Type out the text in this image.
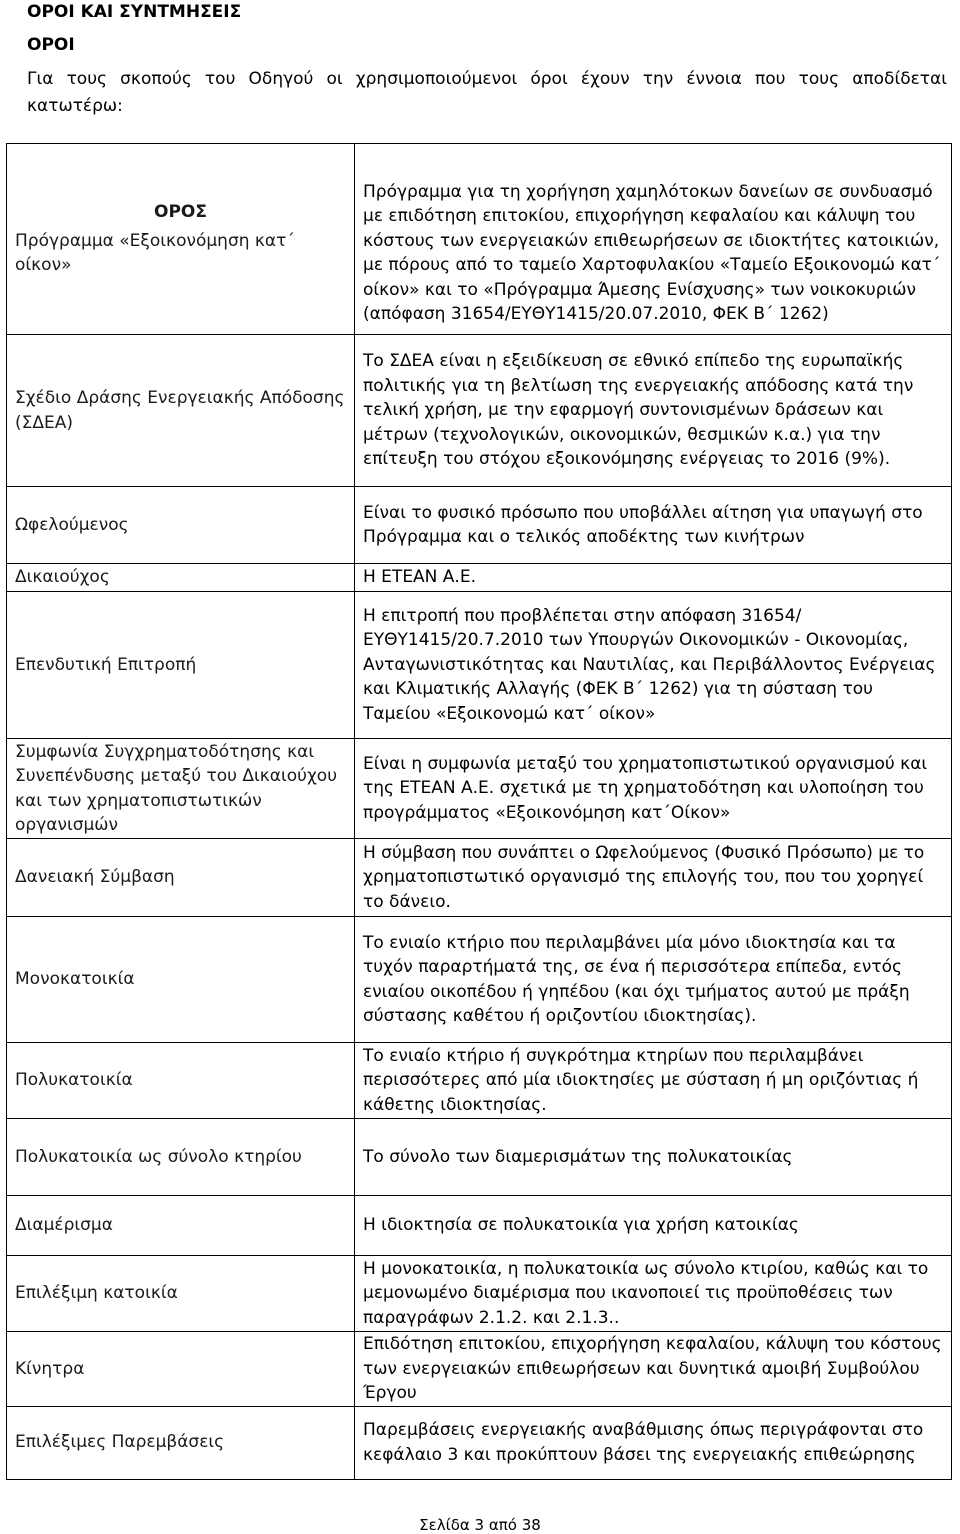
ΟΡΟΙ ΚΑΙ ΣΥΝΤΜΗΣΕΙΣ
ΟΡΟΙ
Για τους σκοπούς του Οδηγού οι χρησιμοποιούμενοι όροι έχουν την έννοια που τους αποδίδεται κατωτέρω:
ΟΡΟΣ
Πρόγραμμα «Εξοικονόμηση κατ΄ οίκον»	Πρόγραμμα για τη χορήγηση χαμηλότοκων δανείων σε συνδυασμό με επιδότηση επιτοκίου, επιχορήγηση κεφαλαίου και κάλυψη του κόστους των ενεργειακών επιθεωρήσεων σε ιδιοκτήτες κατοικιών, με πόρους από το ταμείο Χαρτοφυλακίου «Ταμείο Εξοικονομώ κατ΄ οίκον» και το «Πρόγραμμα Άμεσης Ενίσχυσης» των νοικοκυριών (απόφαση 31654/ΕΥΘΥ1415/20.07.2010, ΦΕΚ Β΄ 1262)
Σχέδιο Δράσης Ενεργειακής Απόδοσης (ΣΔΕΑ)	Το ΣΔΕΑ είναι η εξειδίκευση σε εθνικό επίπεδο της ευρωπαϊκής πολιτικής για τη βελτίωση της ενεργειακής απόδοσης κατά την τελική χρήση, με την εφαρμογή συντονισμένων δράσεων και μέτρων (τεχνολογικών, οικονομικών, θεσμικών κ.α.) για την επίτευξη του στόχου εξοικονόμησης ενέργειας το 2016 (9%).
Ωφελούμενος	Είναι το φυσικό πρόσωπο που υποβάλλει αίτηση για υπαγωγή στο Πρόγραμμα και ο τελικός αποδέκτης των κινήτρων
Δικαιούχος	Η ΕΤΕΑΝ Α.Ε.
Επενδυτική Επιτροπή	Η επιτροπή που προβλέπεται στην απόφαση 31654/ΕΥΘΥ1415/20.7.2010 των Υπουργών Οικονομικών - Οικονομίας, Ανταγωνιστικότητας και Ναυτιλίας, και Περιβάλλοντος Ενέργειας και Κλιματικής Αλλαγής (ΦΕΚ Β΄ 1262) για τη σύσταση του Ταμείου «Εξοικονομώ κατ΄ οίκον»
Συμφωνία Συγχρηματοδότησης και Συνεπένδυσης μεταξύ του Δικαιούχου και των χρηματοπιστωτικών οργανισμών	Είναι η συμφωνία μεταξύ του χρηματοπιστωτικού οργανισμού και της ΕΤΕΑΝ Α.Ε. σχετικά με τη χρηματοδότηση και υλοποίηση του προγράμματος «Εξοικονόμηση κατ΄Οίκον»
Δανειακή Σύμβαση	Η σύμβαση που συνάπτει ο Ωφελούμενος (Φυσικό Πρόσωπο) με το χρηματοπιστωτικό οργανισμό της επιλογής του, που του χορηγεί το δάνειο.
Μονοκατοικία	Το ενιαίο κτήριο που περιλαμβάνει μία μόνο ιδιοκτησία και τα τυχόν παραρτήματά της, σε ένα ή περισσότερα επίπεδα, εντός ενιαίου οικοπέδου ή γηπέδου (και όχι τμήματος αυτού με πράξη σύστασης καθέτου ή οριζοντίου ιδιοκτησίας).
Πολυκατοικία	Το ενιαίο κτήριο ή συγκρότημα κτηρίων που περιλαμβάνει περισσότερες από μία ιδιοκτησίες με σύσταση ή μη οριζόντιας ή κάθετης ιδιοκτησίας.
Πολυκατοικία ως σύνολο κτηρίου	Το σύνολο των διαμερισμάτων της πολυκατοικίας
Διαμέρισμα	Η ιδιοκτησία σε πολυκατοικία για χρήση κατοικίας
Επιλέξιμη κατοικία	Η μονοκατοικία, η πολυκατοικία ως σύνολο κτιρίου, καθώς και το μεμονωμένο διαμέρισμα που ικανοποιεί τις προϋποθέσεις των παραγράφων 2.1.2. και 2.1.3..
Κίνητρα	Επιδότηση επιτοκίου, επιχορήγηση κεφαλαίου, κάλυψη του κόστους των ενεργειακών επιθεωρήσεων και δυνητικά αμοιβή Συμβούλου Έργου
Επιλέξιμες Παρεμβάσεις	Παρεμβάσεις ενεργειακής αναβάθμισης όπως περιγράφονται στο κεφάλαιο 3 και προκύπτουν βάσει της ενεργειακής επιθεώρησης
Σελίδα 3 από 38
